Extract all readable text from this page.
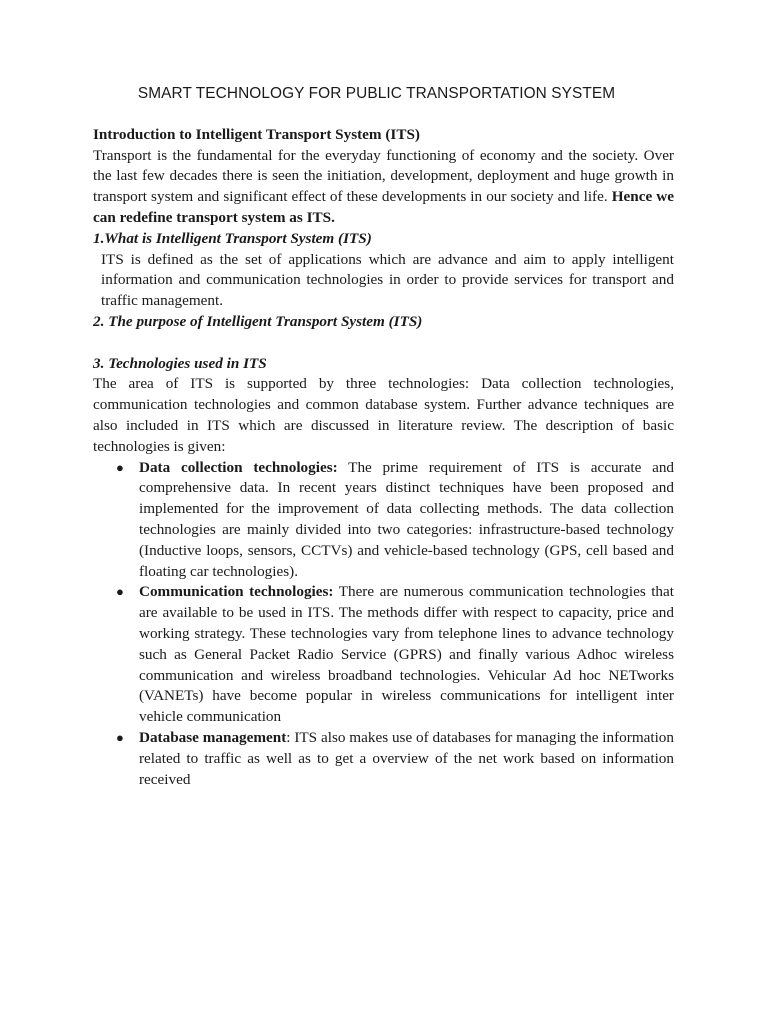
SMART TECHNOLOGY FOR PUBLIC TRANSPORTATION SYSTEM
Introduction to Intelligent Transport System (ITS)
Transport is the fundamental for the everyday functioning of economy and the society. Over the last few decades there is seen the initiation, development, deployment and huge growth in transport system and significant effect of these developments in our society and life. Hence we can redefine transport system as ITS.
1.What is Intelligent Transport System (ITS)
ITS is defined as the set of applications which are advance and aim to apply intelligent information and communication technologies in order to provide services for transport and traffic management.
2. The purpose of Intelligent Transport System (ITS)
3. Technologies used in ITS
The area of ITS is supported by three technologies: Data collection technologies, communication technologies and common database system. Further advance techniques are also included in ITS which are discussed in literature review. The description of basic technologies is given:
● Data collection technologies: The prime requirement of ITS is accurate and comprehensive data. In recent years distinct techniques have been proposed and implemented for the improvement of data collecting methods. The data collection technologies are mainly divided into two categories: infrastructure-based technology (Inductive loops, sensors, CCTVs) and vehicle-based technology (GPS, cell based and floating car technologies).
● Communication technologies: There are numerous communication technologies that are available to be used in ITS. The methods differ with respect to capacity, price and working strategy. These technologies vary from telephone lines to advance technology such as General Packet Radio Service (GPRS) and finally various Adhoc wireless communication and wireless broadband technologies. Vehicular Ad hoc NETworks (VANETs) have become popular in wireless communications for intelligent inter vehicle communication
● Database management: ITS also makes use of databases for managing the information related to traffic as well as to get a overview of the net work based on information received
